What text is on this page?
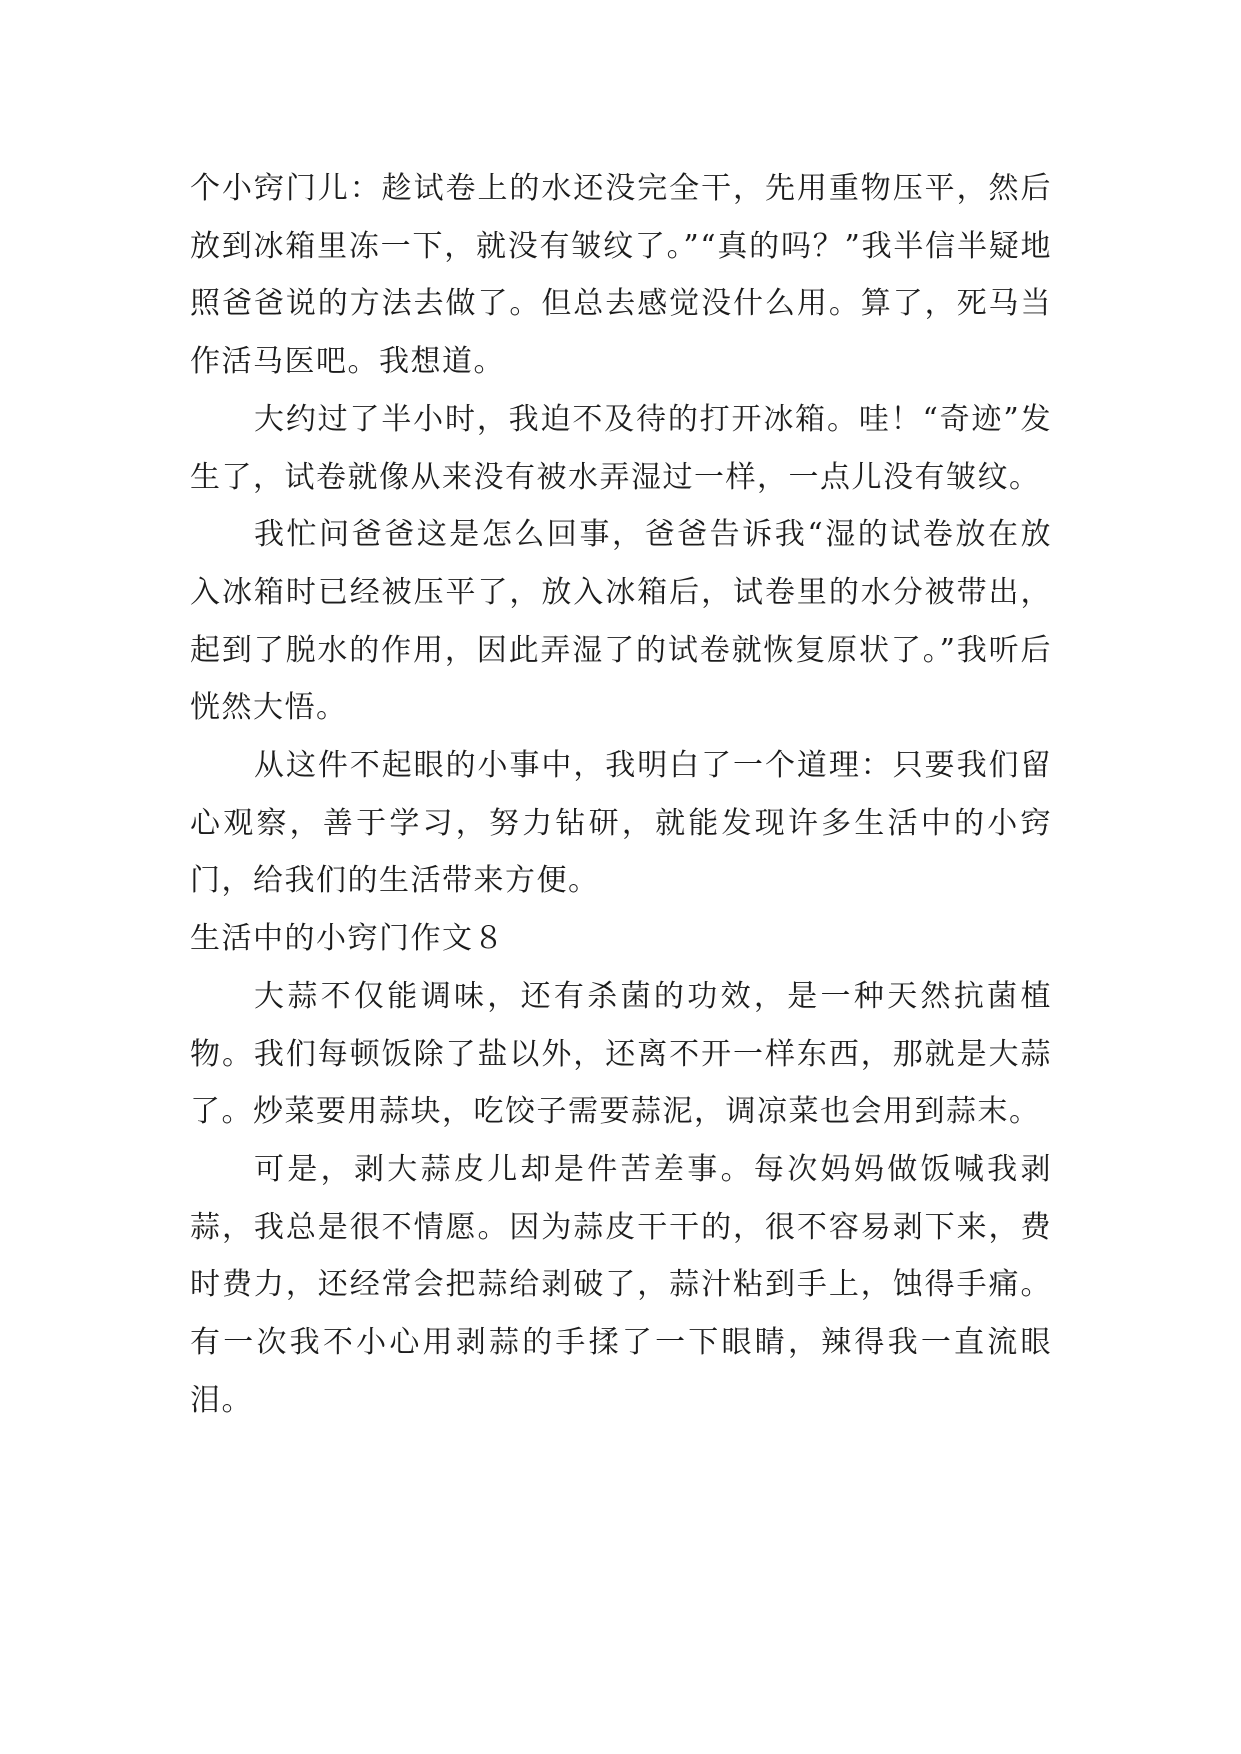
个小窍门儿：趁试卷上的水还没完全干，先用重物压平，然后放到冰箱里冻一下，就没有皱纹了。”“真的吗？”我半信半疑地照爸爸说的方法去做了。但总去感觉没什么用。算了，死马当作活马医吧。我想道。

大约过了半小时，我迫不及待的打开冰箱。哇！“奇迹”发生了，试卷就像从来没有被水弄湿过一样，一点儿没有皱纹。

我忙问爸爸这是怎么回事，爸爸告诉我“湿的试卷放在放入冰箱时已经被压平了，放入冰箱后，试卷里的水分被带出，起到了脱水的作用，因此弄湿了的试卷就恢复原状了。”我听后恍然大悟。

从这件不起眼的小事中，我明白了一个道理：只要我们留心观察，善于学习，努力钻研，就能发现许多生活中的小窍门，给我们的生活带来方便。

生活中的小窍门作文８

大蒜不仅能调味，还有杀菌的功效，是一种天然抗菌植物。我们每顿饭除了盐以外，还离不开一样东西，那就是大蒜了。炒菜要用蒜块，吃饺子需要蒜泥，调凉菜也会用到蒜末。

可是，剥大蒜皮儿却是件苦差事。每次妈妈做饭喊我剥蒜，我总是很不情愿。因为蒜皮干干的，很不容易剥下来，费时费力，还经常会把蒜给剥破了，蒜汁粘到手上，蚀得手痛。有一次我不小心用剥蒜的手揉了一下眼睛，辣得我一直流眼泪。
